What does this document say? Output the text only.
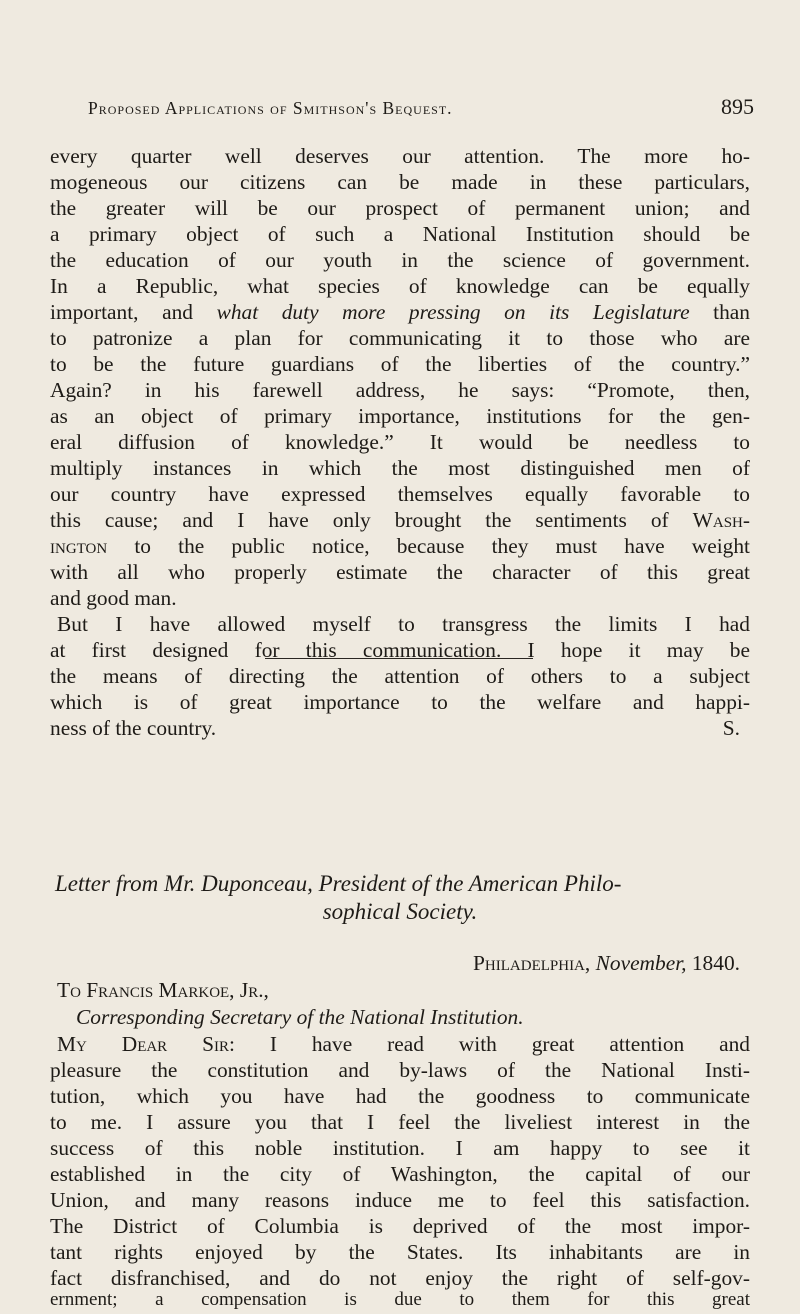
Proposed Applications of Smithson's Bequest.	895
every quarter well deserves our attention. The more ho-
mogeneous our citizens can be made in these particulars,
the greater will be our prospect of permanent union; and
a primary object of such a National Institution should be
the education of our youth in the science of government.
In a Republic, what species of knowledge can be equally
important, and what duty more pressing on its Legislature than
to patronize a plan for communicating it to those who are
to be the future guardians of the liberties of the country.”
Again? in his farewell address, he says: “Promote, then,
as an object of primary importance, institutions for the gen-
eral diffusion of knowledge.” It would be needless to
multiply instances in which the most distinguished men of
our country have expressed themselves equally favorable to
this cause; and I have only brought the sentiments of Wash-
ington to the public notice, because they must have weight
with all who properly estimate the character of this great
and good man.
But I have allowed myself to transgress the limits I had
at first designed for this communication. I hope it may be
the means of directing the attention of others to a subject
which is of great importance to the welfare and happi-
ness of the country.	S.
Letter from Mr. Duponceau, President of the American Philo-
sophical Society.
Philadelphia, November, 1840.
To Francis Markoe, Jr.,
Corresponding Secretary of the National Institution.
My Dear Sir: I have read with great attention and
pleasure the constitution and by-laws of the National Insti-
tution, which you have had the goodness to communicate
to me. I assure you that I feel the liveliest interest in the
success of this noble institution. I am happy to see it
established in the city of Washington, the capital of our
Union, and many reasons induce me to feel this satisfaction.
The District of Columbia is deprived of the most impor-
tant rights enjoyed by the States. Its inhabitants are in
fact disfranchised, and do not enjoy the right of self-gov-
ernment; a compensation is due to them for this great
